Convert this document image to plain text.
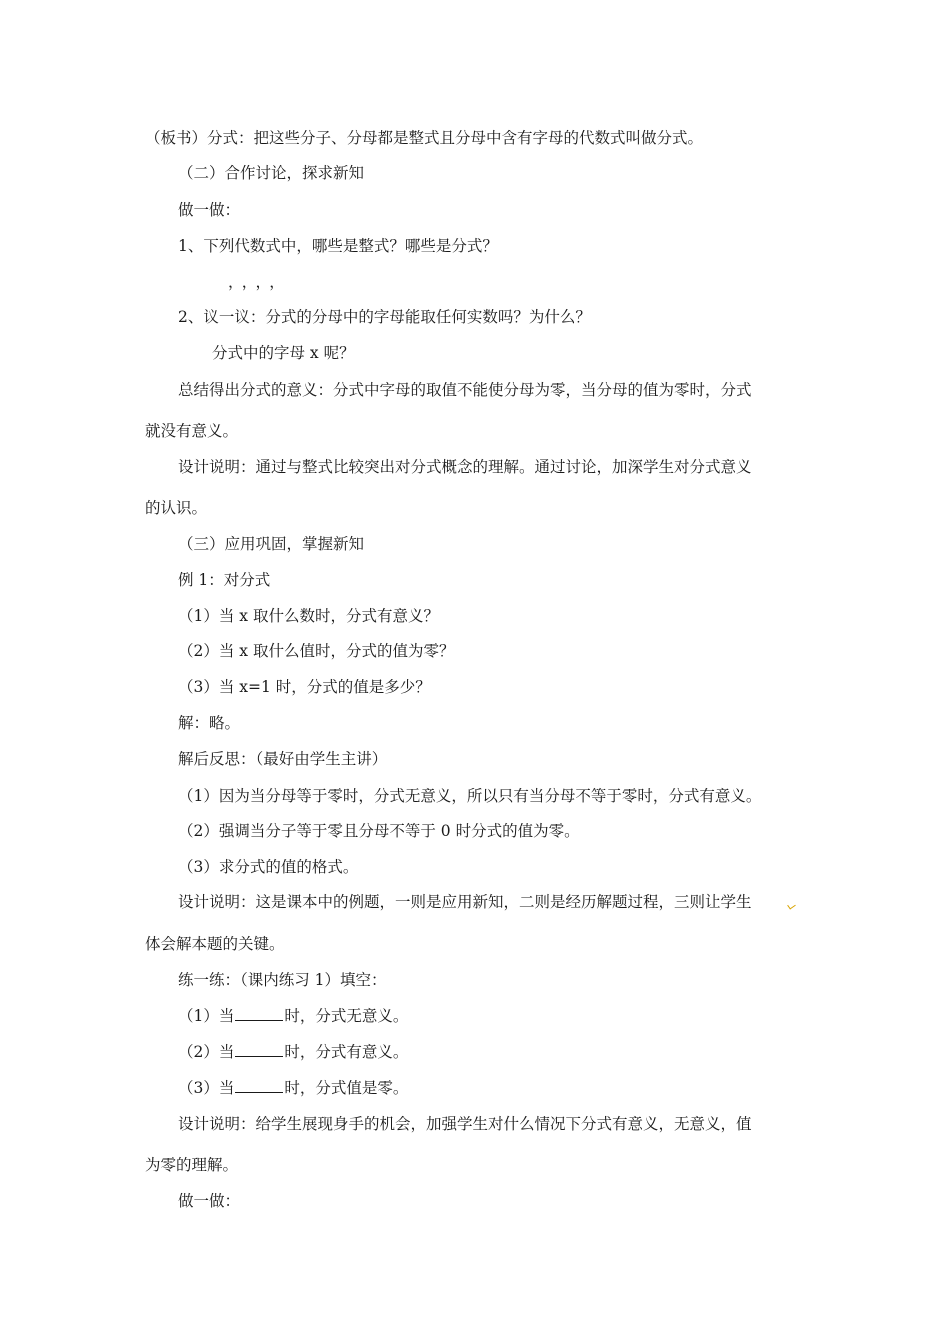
（板书）分式：把这些分子、分母都是整式且分母中含有字母的代数式叫做分式。
（二）合作讨论，探求新知
做一做：
1、下列代数式中，哪些是整式？哪些是分式？
，，，，
2、议一议：分式的分母中的字母能取任何实数吗？为什么？
分式中的字母 x 呢？
总结得出分式的意义：分式中字母的取值不能使分母为零，当分母的值为零时，分式
就没有意义。
设计说明：通过与整式比较突出对分式概念的理解。通过讨论，加深学生对分式意义
的认识。
（三）应用巩固，掌握新知
例 1：对分式
（1）当 x 取什么数时，分式有意义？
（2）当 x 取什么值时，分式的值为零？
（3）当 x=1 时，分式的值是多少？
解：略。
解后反思：（最好由学生主讲）
（1）因为当分母等于零时，分式无意义，所以只有当分母不等于零时，分式有意义。
（2）强调当分子等于零且分母不等于 0 时分式的值为零。
（3）求分式的值的格式。
设计说明：这是课本中的例题，一则是应用新知，二则是经历解题过程，三则让学生
体会解本题的关键。
练一练：（课内练习 1）填空：
（1）当	时，分式无意义。
（2）当	时，分式有意义。
（3）当	时，分式值是零。
设计说明：给学生展现身手的机会，加强学生对什么情况下分式有意义，无意义，值
为零的理解。
做一做：
